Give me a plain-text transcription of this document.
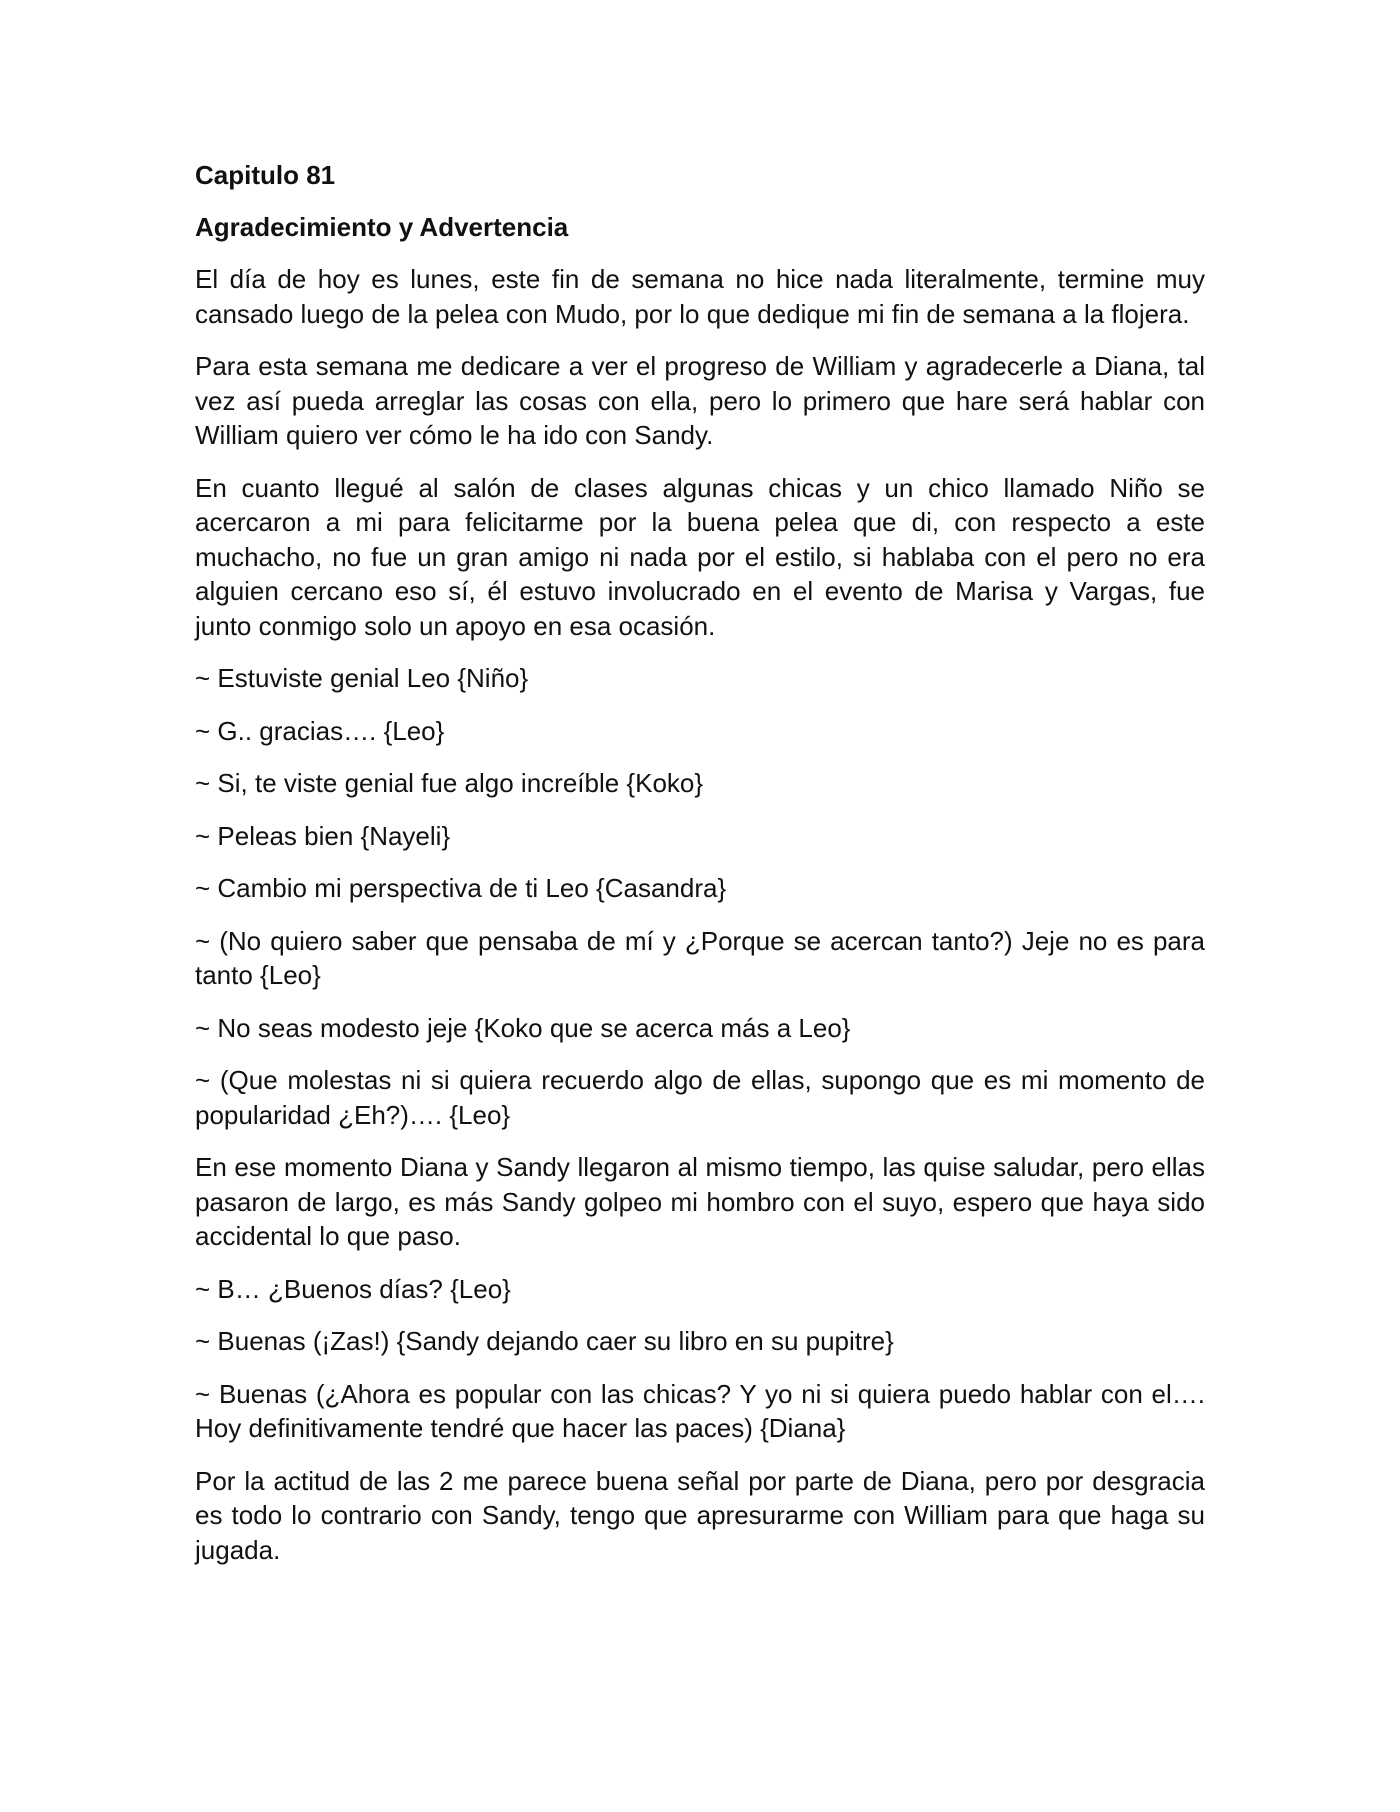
Capitulo 81
Agradecimiento y Advertencia

El día de hoy es lunes, este fin de semana no hice nada literalmente, termine muy cansado luego de la pelea con Mudo, por lo que dedique mi fin de semana a la flojera.

Para esta semana me dedicare a ver el progreso de William y agradecerle a Diana, tal vez así pueda arreglar las cosas con ella, pero lo primero que hare será hablar con William quiero ver cómo le ha ido con Sandy.

En cuanto llegué al salón de clases algunas chicas y un chico llamado Niño se acercaron a mi para felicitarme por la buena pelea que di, con respecto a este muchacho, no fue un gran amigo ni nada por el estilo, si hablaba con el pero no era alguien cercano eso sí, él estuvo involucrado en el evento de Marisa y Vargas, fue junto conmigo solo un apoyo en esa ocasión.

~ Estuviste genial Leo {Niño}

~ G.. gracias…. {Leo}

~ Si, te viste genial fue algo increíble {Koko}

~ Peleas bien {Nayeli}

~ Cambio mi perspectiva de ti Leo {Casandra}

~ (No quiero saber que pensaba de mí y ¿Porque se acercan tanto?) Jeje no es para tanto {Leo}

~ No seas modesto jeje {Koko que se acerca más a Leo}

~ (Que molestas ni si quiera recuerdo algo de ellas, supongo que es mi momento de popularidad ¿Eh?)…. {Leo}

En ese momento Diana y Sandy llegaron al mismo tiempo, las quise saludar, pero ellas pasaron de largo, es más Sandy golpeo mi hombro con el suyo, espero que haya sido accidental lo que paso.

~ B… ¿Buenos días? {Leo}

~ Buenas (¡Zas!) {Sandy dejando caer su libro en su pupitre}

~ Buenas (¿Ahora es popular con las chicas? Y yo ni si quiera puedo hablar con el…. Hoy definitivamente tendré que hacer las paces) {Diana}

Por la actitud de las 2 me parece buena señal por parte de Diana, pero por desgracia es todo lo contrario con Sandy, tengo que apresurarme con William para que haga su jugada.
